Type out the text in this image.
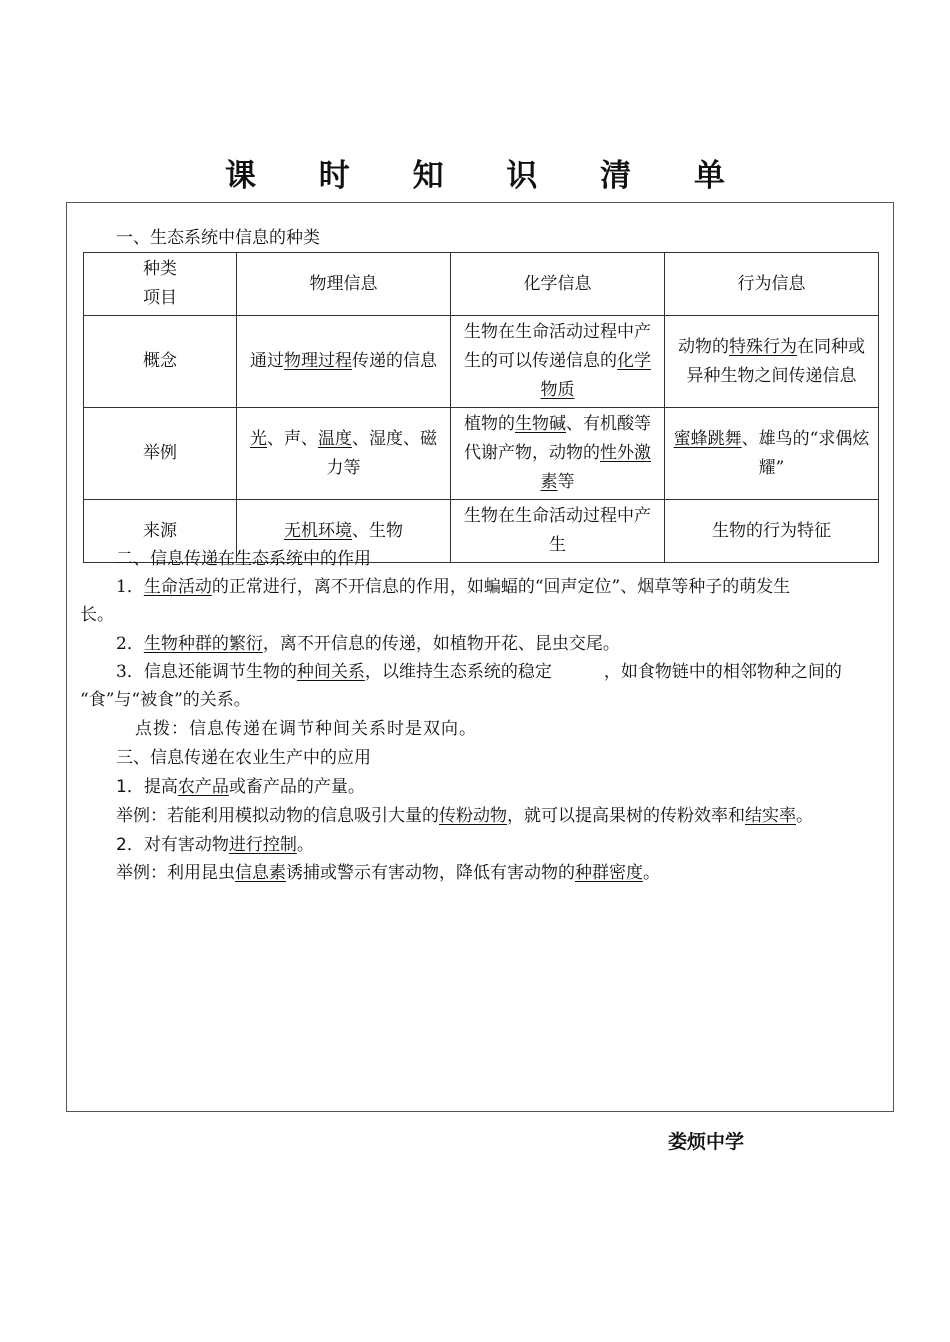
课 时 知 识 清 单
一、生态系统中信息的种类
种类
项目	物理信息	化学信息	行为信息
概念	通过物理过程传递的信息	生物在生命活动过程中产生的可以传递信息的化学物质	动物的特殊行为在同种或异种生物之间传递信息
举例	光、声、温度、湿度、磁力等	植物的生物碱、有机酸等代谢产物，动物的性外激素等	蜜蜂跳舞、雄鸟的“求偶炫耀”
来源	无机环境、生物	生物在生命活动过程中产生	生物的行为特征
二、信息传递在生态系统中的作用
1．生命活动的正常进行，离不开信息的作用，如蝙蝠的“回声定位”、烟草等种子的萌发生
长。
2．生物种群的繁衍，离不开信息的传递，如植物开花、昆虫交尾。
3．信息还能调节生物的种间关系，以维持生态系统的稳定	，如食物链中的相邻物种之间的
“食”与“被食”的关系。
点拨：信息传递在调节种间关系时是双向。
三、信息传递在农业生产中的应用
1．提高农产品或畜产品的产量。
举例：若能利用模拟动物的信息吸引大量的传粉动物，就可以提高果树的传粉效率和结实率。
2．对有害动物进行控制。
举例：利用昆虫信息素诱捕或警示有害动物，降低有害动物的种群密度。
娄烦中学
